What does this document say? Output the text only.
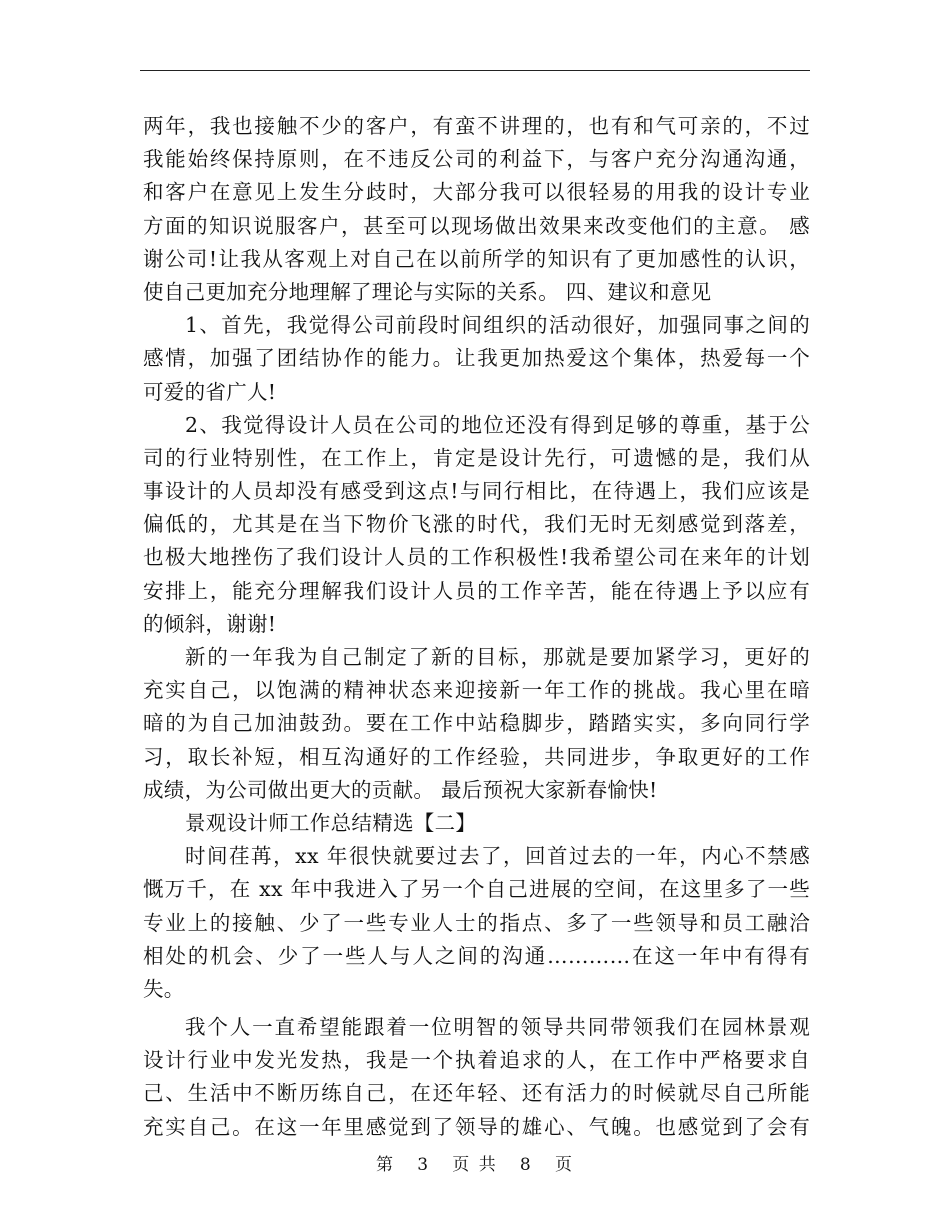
两年，我也接触不少的客户，有蛮不讲理的，也有和气可亲的，不过
我能始终保持原则，在不违反公司的利益下，与客户充分沟通沟通，
和客户在意见上发生分歧时，大部分我可以很轻易的用我的设计专业
方面的知识说服客户，甚至可以现场做出效果来改变他们的主意。 感
谢公司!让我从客观上对自己在以前所学的知识有了更加感性的认识，
使自己更加充分地理解了理论与实际的关系。 四、建议和意见
1、首先，我觉得公司前段时间组织的活动很好，加强同事之间的
感情，加强了团结协作的能力。让我更加热爱这个集体，热爱每一个
可爱的省广人!
2、我觉得设计人员在公司的地位还没有得到足够的尊重，基于公
司的行业特别性，在工作上，肯定是设计先行，可遗憾的是，我们从
事设计的人员却没有感受到这点!与同行相比，在待遇上，我们应该是
偏低的，尤其是在当下物价飞涨的时代，我们无时无刻感觉到落差，
也极大地挫伤了我们设计人员的工作积极性!我希望公司在来年的计划
安排上，能充分理解我们设计人员的工作辛苦，能在待遇上予以应有
的倾斜，谢谢!
新的一年我为自己制定了新的目标，那就是要加紧学习，更好的
充实自己，以饱满的精神状态来迎接新一年工作的挑战。我心里在暗
暗的为自己加油鼓劲。要在工作中站稳脚步，踏踏实实，多向同行学
习，取长补短，相互沟通好的工作经验，共同进步，争取更好的工作
成绩，为公司做出更大的贡献。 最后预祝大家新春愉快!
景观设计师工作总结精选【二】
时间荏苒，xx 年很快就要过去了，回首过去的一年，内心不禁感
慨万千，在 xx 年中我进入了另一个自己进展的空间，在这里多了一些
专业上的接触、少了一些专业人士的指点、多了一些领导和员工融洽
相处的机会、少了一些人与人之间的沟通…………在这一年中有得有
失。
我个人一直希望能跟着一位明智的领导共同带领我们在园林景观
设计行业中发光发热，我是一个执着追求的人，在工作中严格要求自
己、生活中不断历练自己，在还年轻、还有活力的时候就尽自己所能
充实自己。在这一年里感觉到了领导的雄心、气魄。也感觉到了会有
第 3 页 共 8 页
